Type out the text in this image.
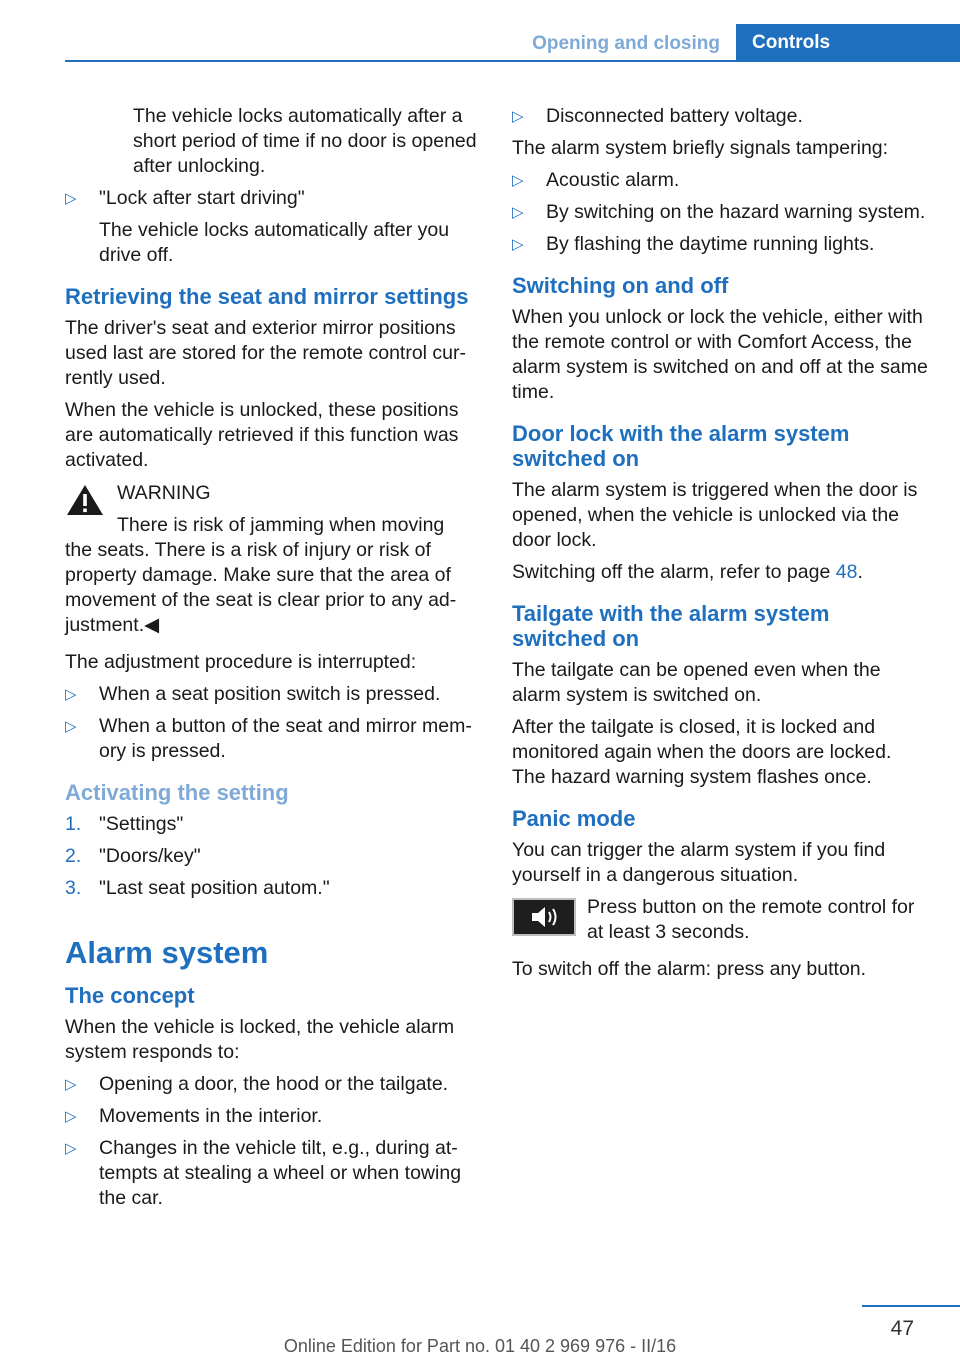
Opening and closing	Controls

The vehicle locks automatically after a short period of time if no door is opened after unlocking.

▷ "Lock after start driving"

The vehicle locks automatically after you drive off.

Retrieving the seat and mirror settings

The driver's seat and exterior mirror positions used last are stored for the remote control currently used.

When the vehicle is unlocked, these positions are automatically retrieved if this function was activated.

WARNING
There is risk of jamming when moving
the seats. There is a risk of injury or risk of property damage. Make sure that the area of movement of the seat is clear prior to any adjustment.◀

The adjustment procedure is interrupted:

▷ When a seat position switch is pressed.
▷ When a button of the seat and mirror memory is pressed.
Activating the setting
1. "Settings"
2. "Doors/key"
3. "Last seat position autom."
Alarm system
The concept

When the vehicle is locked, the vehicle alarm system responds to:

▷ Opening a door, the hood or the tailgate.
▷ Movements in the interior.
▷ Changes in the vehicle tilt, e.g., during attempts at stealing a wheel or when towing the car.
▷ Disconnected battery voltage.

The alarm system briefly signals tampering:

▷ Acoustic alarm.
▷ By switching on the hazard warning system.
▷ By flashing the daytime running lights.
Switching on and off

When you unlock or lock the vehicle, either with the remote control or with Comfort Access, the alarm system is switched on and off at the same time.

Door lock with the alarm system switched on

The alarm system is triggered when the door is opened, when the vehicle is unlocked via the door lock.

Switching off the alarm, refer to page 48.

Tailgate with the alarm system switched on

The tailgate can be opened even when the alarm system is switched on.

After the tailgate is closed, it is locked and monitored again when the doors are locked. The hazard warning system flashes once.

Panic mode

You can trigger the alarm system if you find yourself in a dangerous situation.

Press button on the remote control for at least 3 seconds.

To switch off the alarm: press any button.

47
Online Edition for Part no. 01 40 2 969 976 - II/16
